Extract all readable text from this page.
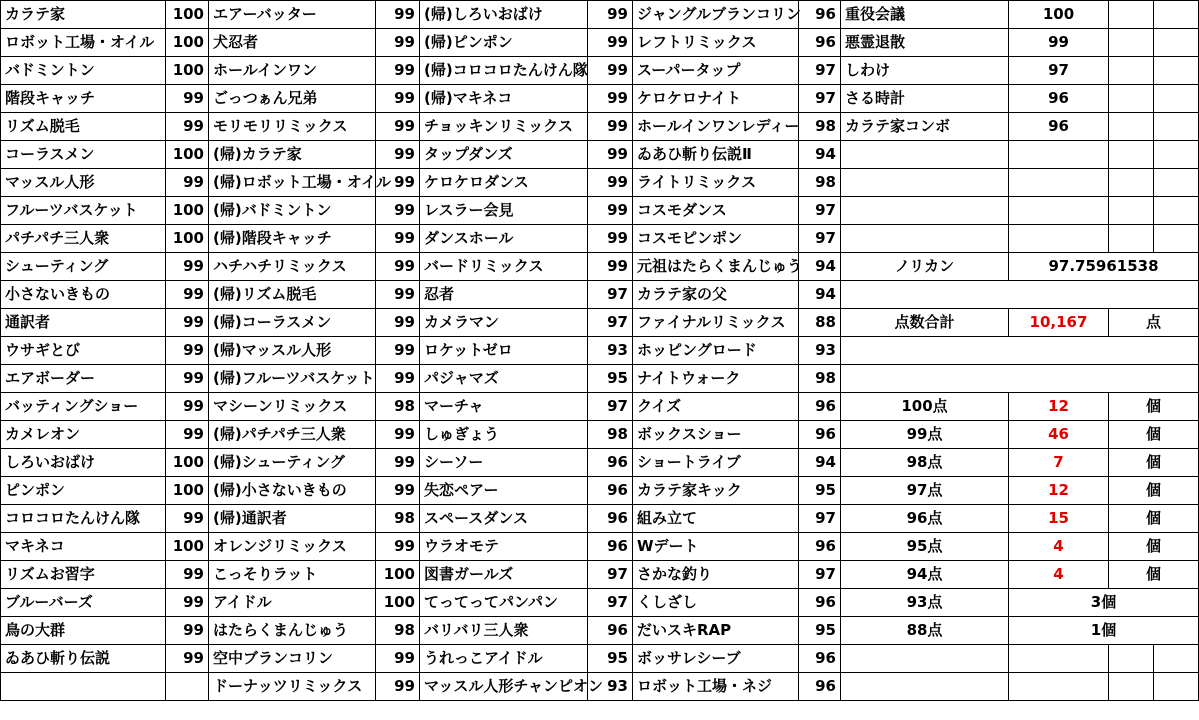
カラテ家	100	エアーバッター	99	(帰)しろいおばけ	99	ジャングルブランコリン	96	重役会議	100		
ロボット工場・オイル	100	犬忍者	99	(帰)ピンポン	99	レフトリミックス	96	悪霊退散	99		
バドミントン	100	ホールインワン	99	(帰)コロコロたんけん隊	99	スーパータップ	97	しわけ	97		
階段キャッチ	99	ごっつぁん兄弟	99	(帰)マキネコ	99	ケロケロナイト	97	さる時計	96		
リズム脱毛	99	モリモリリミックス	99	チョッキンリミックス	99	ホールインワンレディー	98	カラテ家コンボ	96		
コーラスメン	100	(帰)カラテ家	99	タップダンズ	99	ゐあひ斬り伝説Ⅱ	94				
マッスル人形	99	(帰)ロボット工場・オイル	99	ケロケロダンス	99	ライトリミックス	98				
フルーツバスケット	100	(帰)バドミントン	99	レスラー会見	99	コスモダンス	97				
パチパチ三人衆	100	(帰)階段キャッチ	99	ダンスホール	99	コスモピンポン	97				
シューティング	99	ハチハチリミックス	99	バードリミックス	99	元祖はたらくまんじゅう	94	ノリカン	97.75961538		
小さないきもの	99	(帰)リズム脱毛	99	忍者	97	カラテ家の父	94				
通訳者	99	(帰)コーラスメン	99	カメラマン	97	ファイナルリミックス	88	点数合計	10,167	点	
ウサギとび	99	(帰)マッスル人形	99	ロケットゼロ	93	ホッピングロード	93				
エアボーダー	99	(帰)フルーツバスケット	99	パジャマズ	95	ナイトウォーク	98				
バッティングショー	99	マシーンリミックス	98	マーチャ	97	クイズ	96	100点	12	個	
カメレオン	99	(帰)パチパチ三人衆	99	しゅぎょう	98	ボックスショー	96	99点	46	個	
しろいおばけ	100	(帰)シューティング	99	シーソー	96	ショートライブ	94	98点	7	個	
ピンポン	100	(帰)小さないきもの	99	失恋ペアー	96	カラテ家キック	95	97点	12	個	
コロコロたんけん隊	99	(帰)通訳者	98	スペースダンス	96	組み立て	97	96点	15	個	
マキネコ	100	オレンジリミックス	99	ウラオモテ	96	Wデート	96	95点	4	個	
リズムお習字	99	こっそりラット	100	図書ガールズ	97	さかな釣り	97	94点	4	個	
ブルーバーズ	99	アイドル	100	てってってパンパン	97	くしざし	96	93点	3個		
鳥の大群	99	はたらくまんじゅう	98	バリバリ三人衆	96	だいスキRAP	95	88点	1個		
ゐあひ斬り伝説	99	空中ブランコリン	99	うれっこアイドル	95	ボッサレシーブ	96				
		ドーナッツリミックス	99	マッスル人形チャンピオン	93	ロボット工場・ネジ	96				
